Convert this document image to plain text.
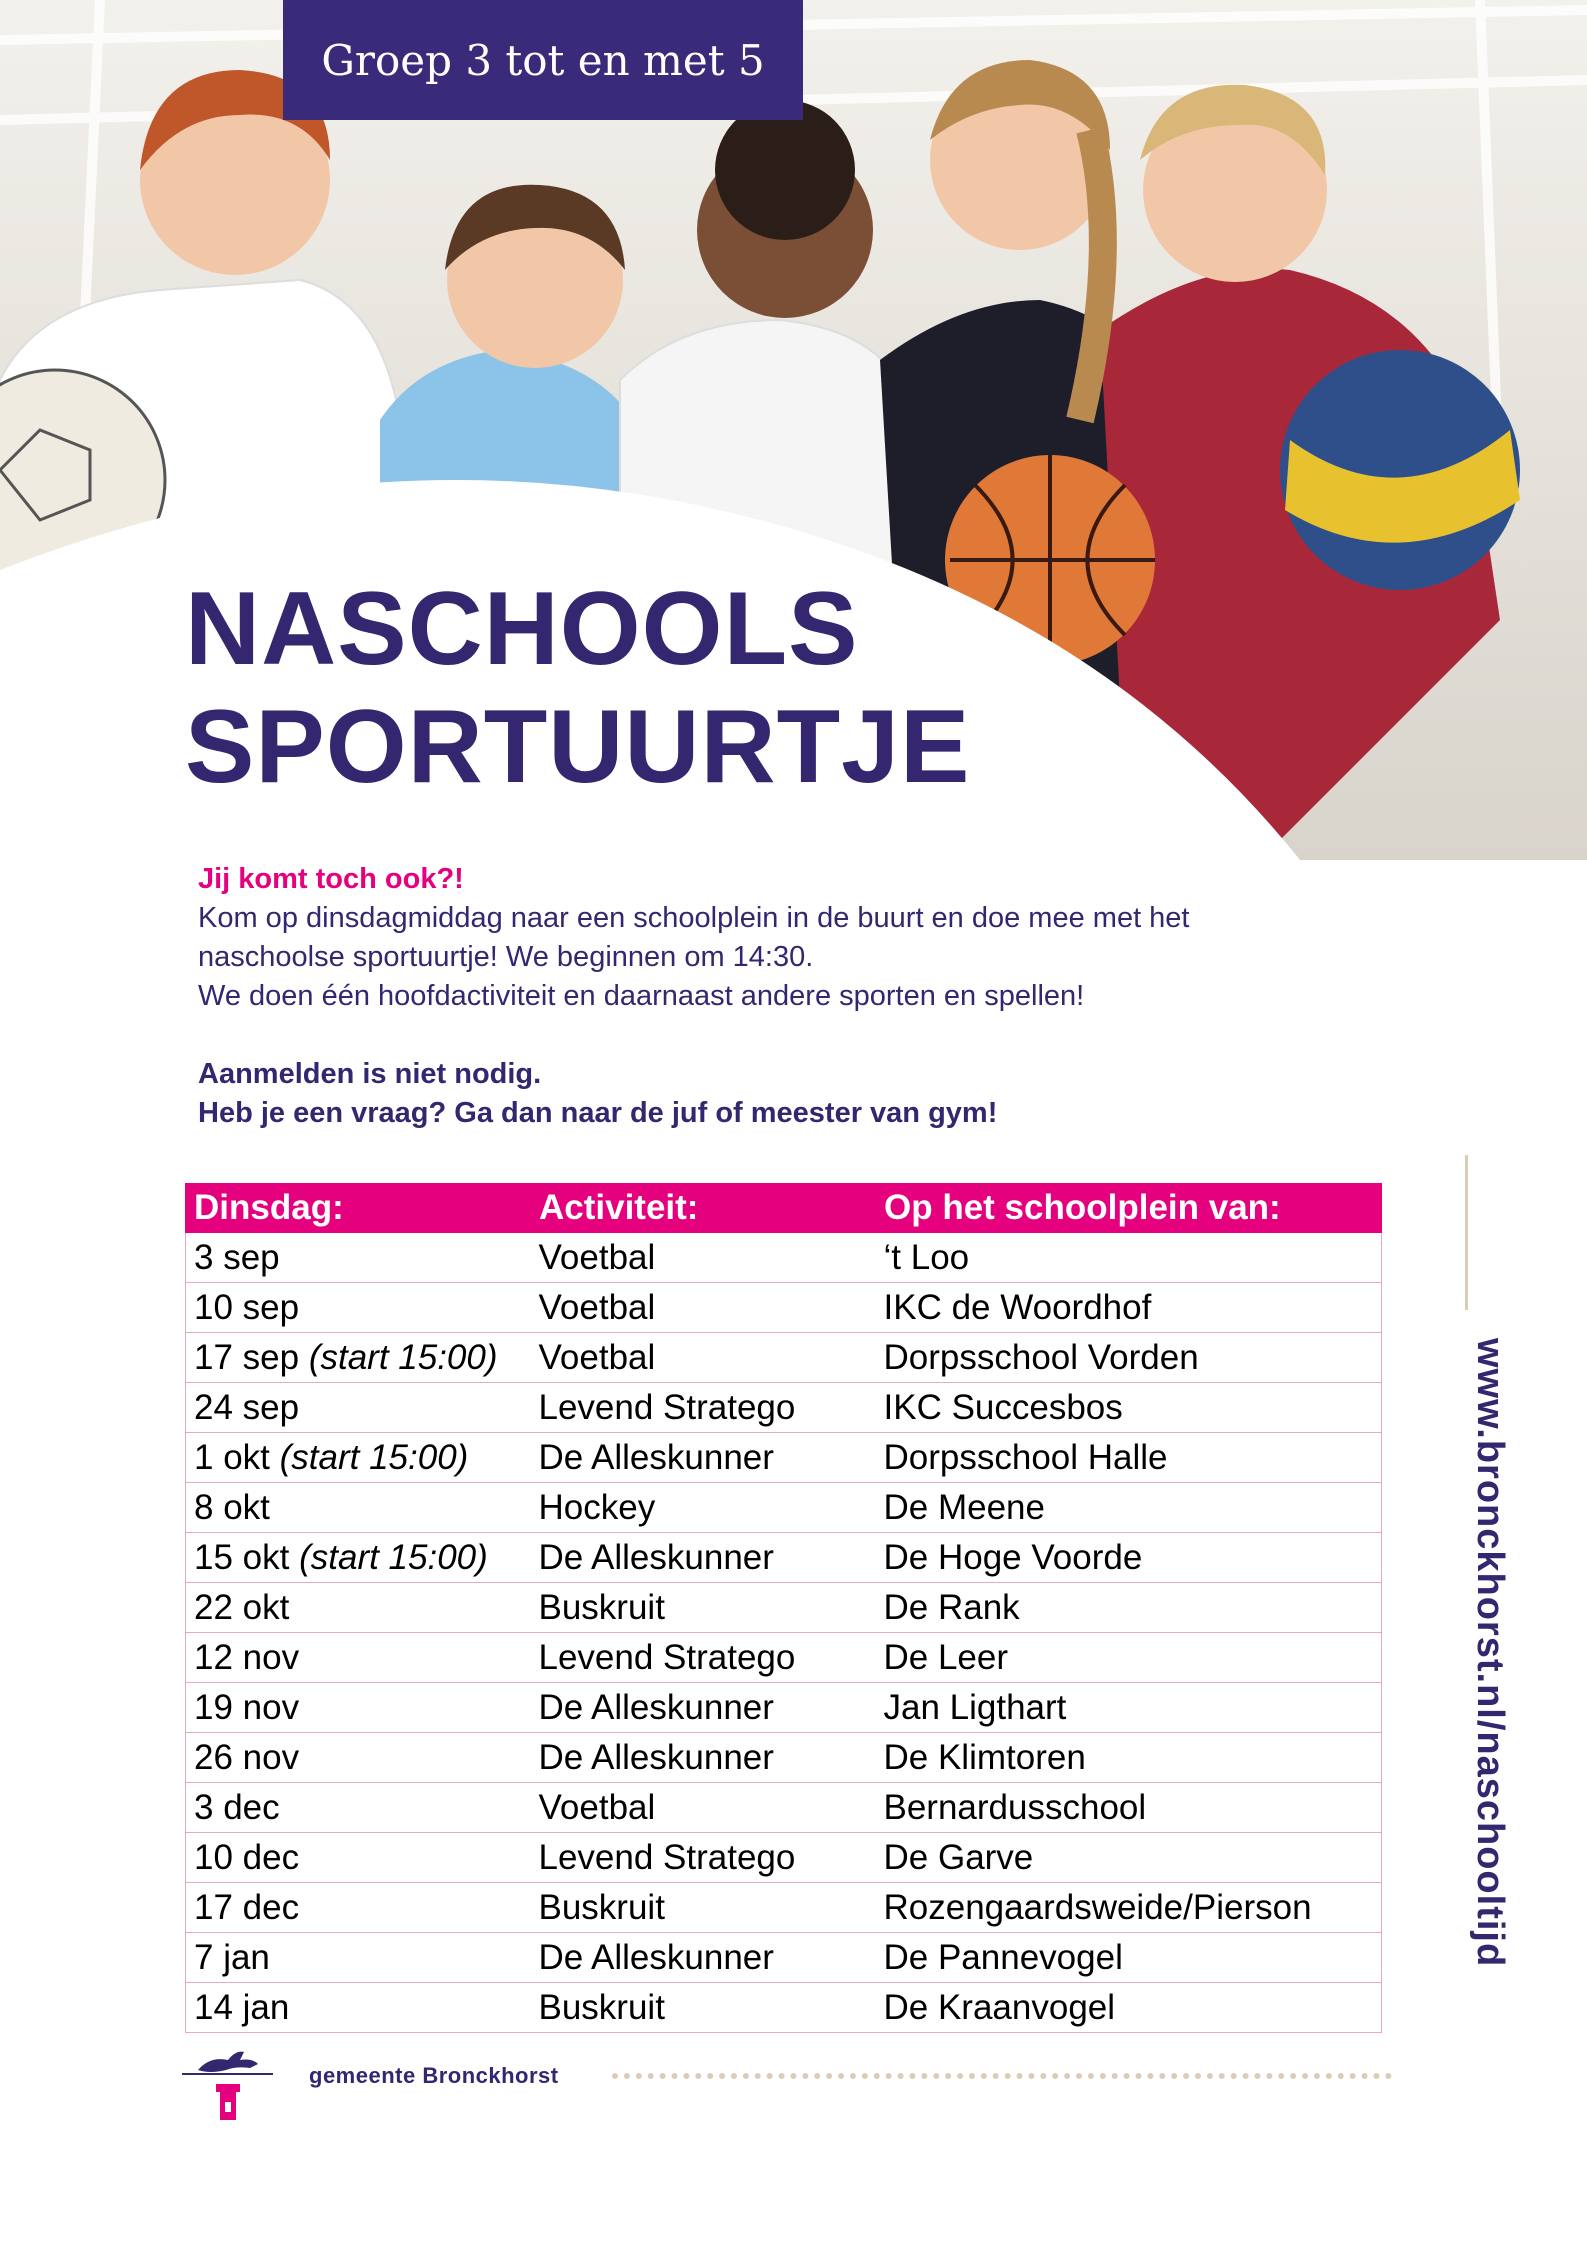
Groep 3 tot en met 5
NASCHOOLS
SPORTUURTJE

Jij komt toch ook?!

Kom op dinsdagmiddag naar een schoolplein in de buurt en doe mee met het

naschoolse sportuurtje! We beginnen om 14:30.

We doen één hoofdactiviteit en daarnaast andere sporten en spellen!

Aanmelden is niet nodig.

Heb je een vraag? Ga dan naar de juf of meester van gym!

Dinsdag:	Activiteit:	Op het schoolplein van:
3 sep	Voetbal	‘t Loo
10 sep	Voetbal	IKC de Woordhof
17 sep (start 15:00)	Voetbal	Dorpsschool Vorden
24 sep	Levend Stratego	IKC Succesbos
1 okt (start 15:00)	De Alleskunner	Dorpsschool Halle
8 okt	Hockey	De Meene
15 okt (start 15:00)	De Alleskunner	De Hoge Voorde
22 okt	Buskruit	De Rank
12 nov	Levend Stratego	De Leer
19 nov	De Alleskunner	Jan Ligthart
26 nov	De Alleskunner	De Klimtoren
3 dec	Voetbal	Bernardusschool
10 dec	Levend Stratego	De Garve
17 dec	Buskruit	Rozengaardsweide/Pierson
7 jan	De Alleskunner	De Pannevogel
14 jan	Buskruit	De Kraanvogel
www.bronckhorst.nl/naschooltijd
gemeente Bronckhorst
